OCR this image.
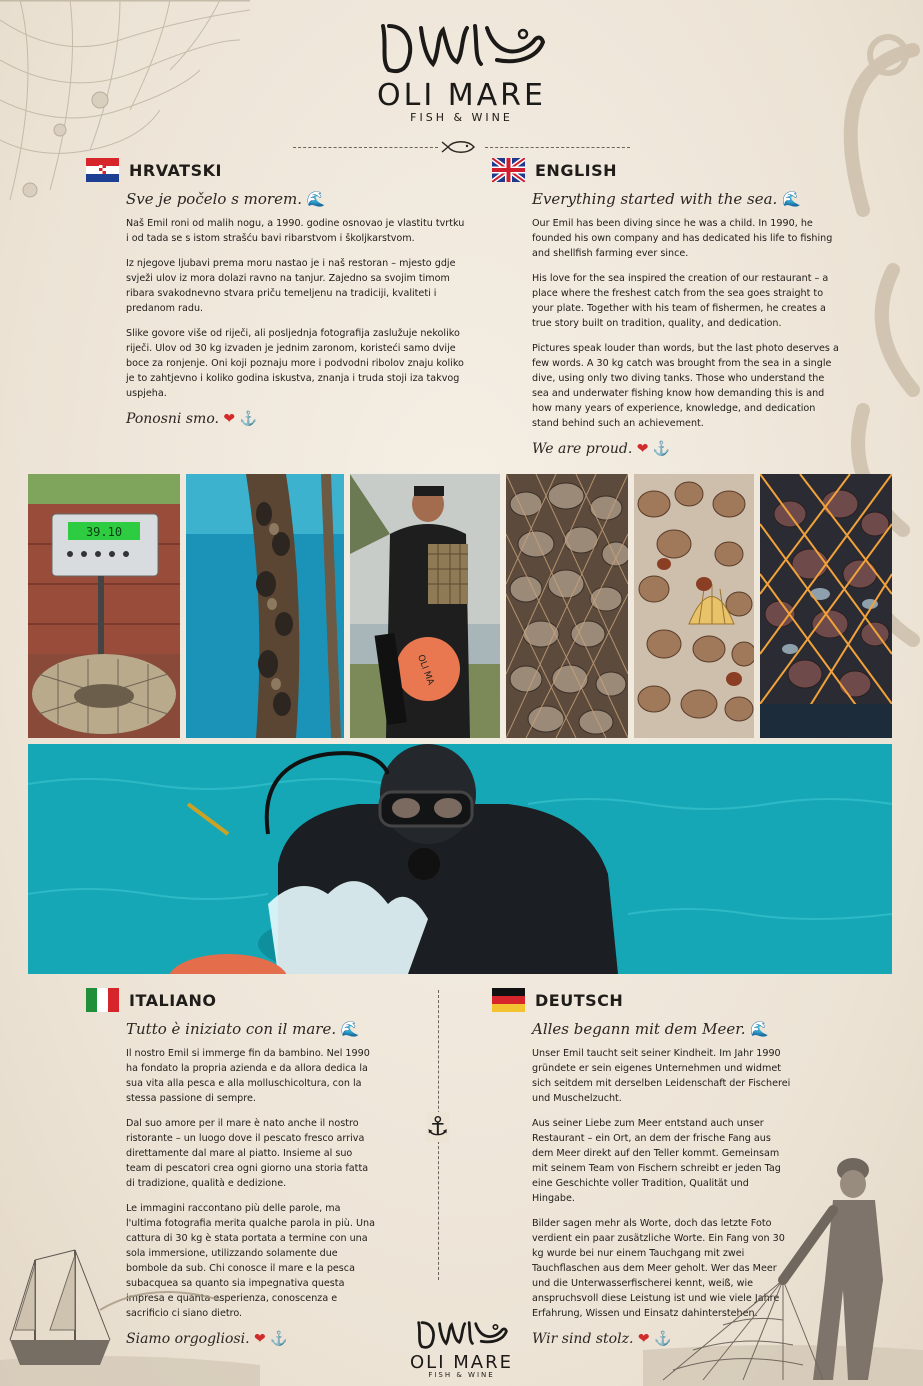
OLI MARE
FISH & WINE
HRVATSKI
Sve je počelo s morem. 🌊

Naš Emil roni od malih nogu, a 1990. godine osnovao je vlastitu tvrtku i od tada se s istom strašću bavi ribarstvom i školjkarstvom.

Iz njegove ljubavi prema moru nastao je i naš restoran – mjesto gdje svježi ulov iz mora dolazi ravno na tanjur. Zajedno sa svojim timom ribara svakodnevno stvara priču temeljenu na tradiciji, kvaliteti i predanom radu.

Slike govore više od riječi, ali posljednja fotografija zaslužuje nekoliko riječi. Ulov od 30 kg izvaden je jednim zaronom, koristeći samo dvije boce za ronjenje. Oni koji poznaju more i podvodni ribolov znaju koliko je to zahtjevno i koliko godina iskustva, znanja i truda stoji iza takvog uspjeha.

Ponosni smo. ❤ ⚓
ENGLISH
Everything started with the sea. 🌊

Our Emil has been diving since he was a child. In 1990, he founded his own company and has dedicated his life to fishing and shellfish farming ever since.

His love for the sea inspired the creation of our restaurant – a place where the freshest catch from the sea goes straight to your plate. Together with his team of fishermen, he creates a true story built on tradition, quality, and dedication.

Pictures speak louder than words, but the last photo deserves a few words. A 30 kg catch was brought from the sea in a single dive, using only two diving tanks. Those who understand the sea and underwater fishing know how demanding this is and how many years of experience, knowledge, and dedication stand behind such an achievement.

We are proud. ❤ ⚓
39.10
OLI MA
ITALIANO
Tutto è iniziato con il mare. 🌊

Il nostro Emil si immerge fin da bambino. Nel 1990 ha fondato la propria azienda e da allora dedica la sua vita alla pesca e alla molluschicoltura, con la stessa passione di sempre.

Dal suo amore per il mare è nato anche il nostro ristorante – un luogo dove il pescato fresco arriva direttamente dal mare al piatto. Insieme al suo team di pescatori crea ogni giorno una storia fatta di tradizione, qualità e dedizione.

Le immagini raccontano più delle parole, ma l'ultima fotografia merita qualche parola in più. Una cattura di 30 kg è stata portata a termine con una sola immersione, utilizzando solamente due bombole da sub. Chi conosce il mare e la pesca subacquea sa quanto sia impegnativa questa impresa e quanta esperienza, conoscenza e sacrificio ci siano dietro.

Siamo orgogliosi. ❤ ⚓
⚓
DEUTSCH
Alles begann mit dem Meer. 🌊

Unser Emil taucht seit seiner Kindheit. Im Jahr 1990 gründete er sein eigenes Unternehmen und widmet sich seitdem mit derselben Leidenschaft der Fischerei und Muschelzucht.

Aus seiner Liebe zum Meer entstand auch unser Restaurant – ein Ort, an dem der frische Fang aus dem Meer direkt auf den Teller kommt. Gemeinsam mit seinem Team von Fischern schreibt er jeden Tag eine Geschichte voller Tradition, Qualität und Hingabe.

Bilder sagen mehr als Worte, doch das letzte Foto verdient ein paar zusätzliche Worte. Ein Fang von 30 kg wurde bei nur einem Tauchgang mit zwei Tauchflaschen aus dem Meer geholt. Wer das Meer und die Unterwasserfischerei kennt, weiß, wie anspruchsvoll diese Leistung ist und wie viele Jahre Erfahrung, Wissen und Einsatz dahinterstehen.

Wir sind stolz. ❤ ⚓
OLI MARE
FISH & WINE
